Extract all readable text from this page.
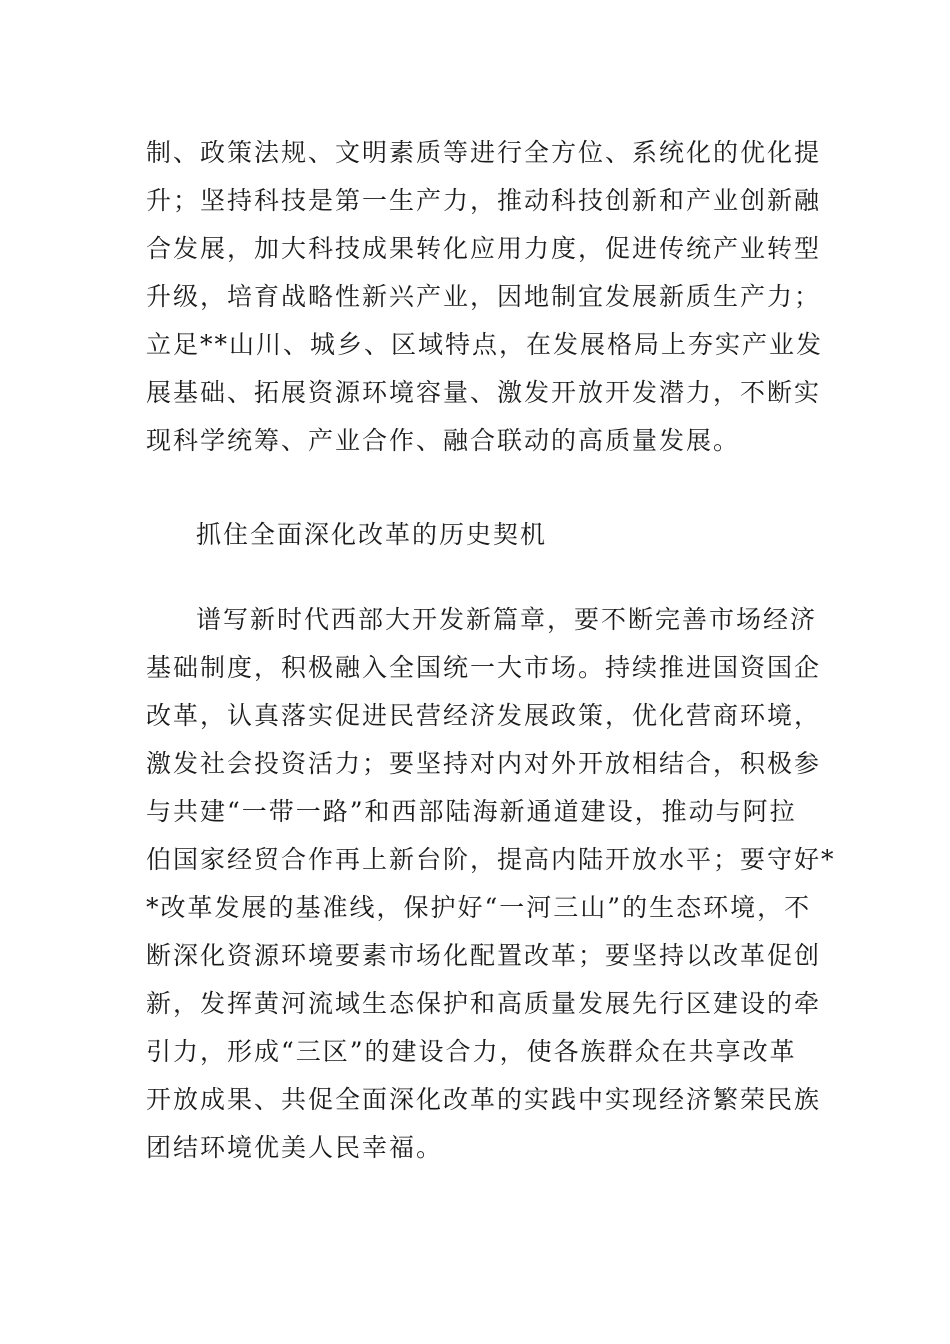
制、政策法规、文明素质等进行全方位、系统化的优化提
升；坚持科技是第一生产力，推动科技创新和产业创新融
合发展，加大科技成果转化应用力度，促进传统产业转型
升级，培育战略性新兴产业，因地制宜发展新质生产力；
立足**山川、城乡、区域特点，在发展格局上夯实产业发
展基础、拓展资源环境容量、激发开放开发潜力，不断实
现科学统筹、产业合作、融合联动的高质量发展。
抓住全面深化改革的历史契机
谱写新时代西部大开发新篇章，要不断完善市场经济
基础制度，积极融入全国统一大市场。持续推进国资国企
改革，认真落实促进民营经济发展政策，优化营商环境，
激发社会投资活力；要坚持对内对外开放相结合，积极参
与共建“一带一路”和西部陆海新通道建设，推动与阿拉
伯国家经贸合作再上新台阶，提高内陆开放水平；要守好*
*改革发展的基准线，保护好“一河三山”的生态环境，不
断深化资源环境要素市场化配置改革；要坚持以改革促创
新，发挥黄河流域生态保护和高质量发展先行区建设的牵
引力，形成“三区”的建设合力，使各族群众在共享改革
开放成果、共促全面深化改革的实践中实现经济繁荣民族
团结环境优美人民幸福。
